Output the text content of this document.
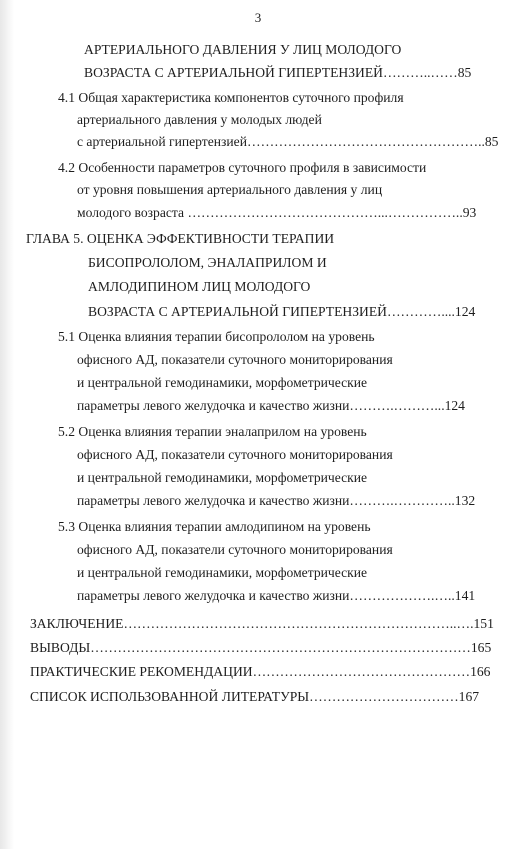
3
АРТЕРИАЛЬНОГО ДАВЛЕНИЯ У ЛИЦ МОЛОДОГО
ВОЗРАСТА С АРТЕРИАЛЬНОЙ ГИПЕРТЕНЗИЕЙ………..……85
4.1 Общая характеристика компонентов суточного профиля
артериального давления у молодых людей
с артериальной гипертензией……………………………………………..85
4.2 Особенности параметров суточного профиля в зависимости
от уровня повышения артериального давления у лиц
молодого возраста ……………………………………...……………..93
ГЛАВА 5. ОЦЕНКА ЭФФЕКТИВНОСТИ ТЕРАПИИ
БИСОПРОЛОЛОМ, ЭНАЛАПРИЛОМ И
АМЛОДИПИНОМ ЛИЦ МОЛОДОГО
ВОЗРАСТА С АРТЕРИАЛЬНОЙ ГИПЕРТЕНЗИЕЙ…………....124
5.1 Оценка влияния терапии бисопрололом на уровень
офисного АД, показатели суточного мониторирования
и центральной гемодинамики, морфометрические
параметры левого желудочка и качество жизни……….………...124
5.2 Оценка влияния терапии эналаприлом на уровень
офисного АД, показатели суточного мониторирования
и центральной гемодинамики, морфометрические
параметры левого желудочка и качество жизни……….…………..132
5.3 Оценка влияния терапии амлодипином на уровень
офисного АД, показатели суточного мониторирования
и центральной гемодинамики, морфометрические
параметры левого желудочка и качество жизни……………….…..141
ЗАКЛЮЧЕНИЕ………………………………………………………………..….151
ВЫВОДЫ…………………………………………………………………………165
ПРАКТИЧЕСКИЕ РЕКОМЕНДАЦИИ…………………………………………166
СПИСОК ИСПОЛЬЗОВАННОЙ ЛИТЕРАТУРЫ……………………………167
